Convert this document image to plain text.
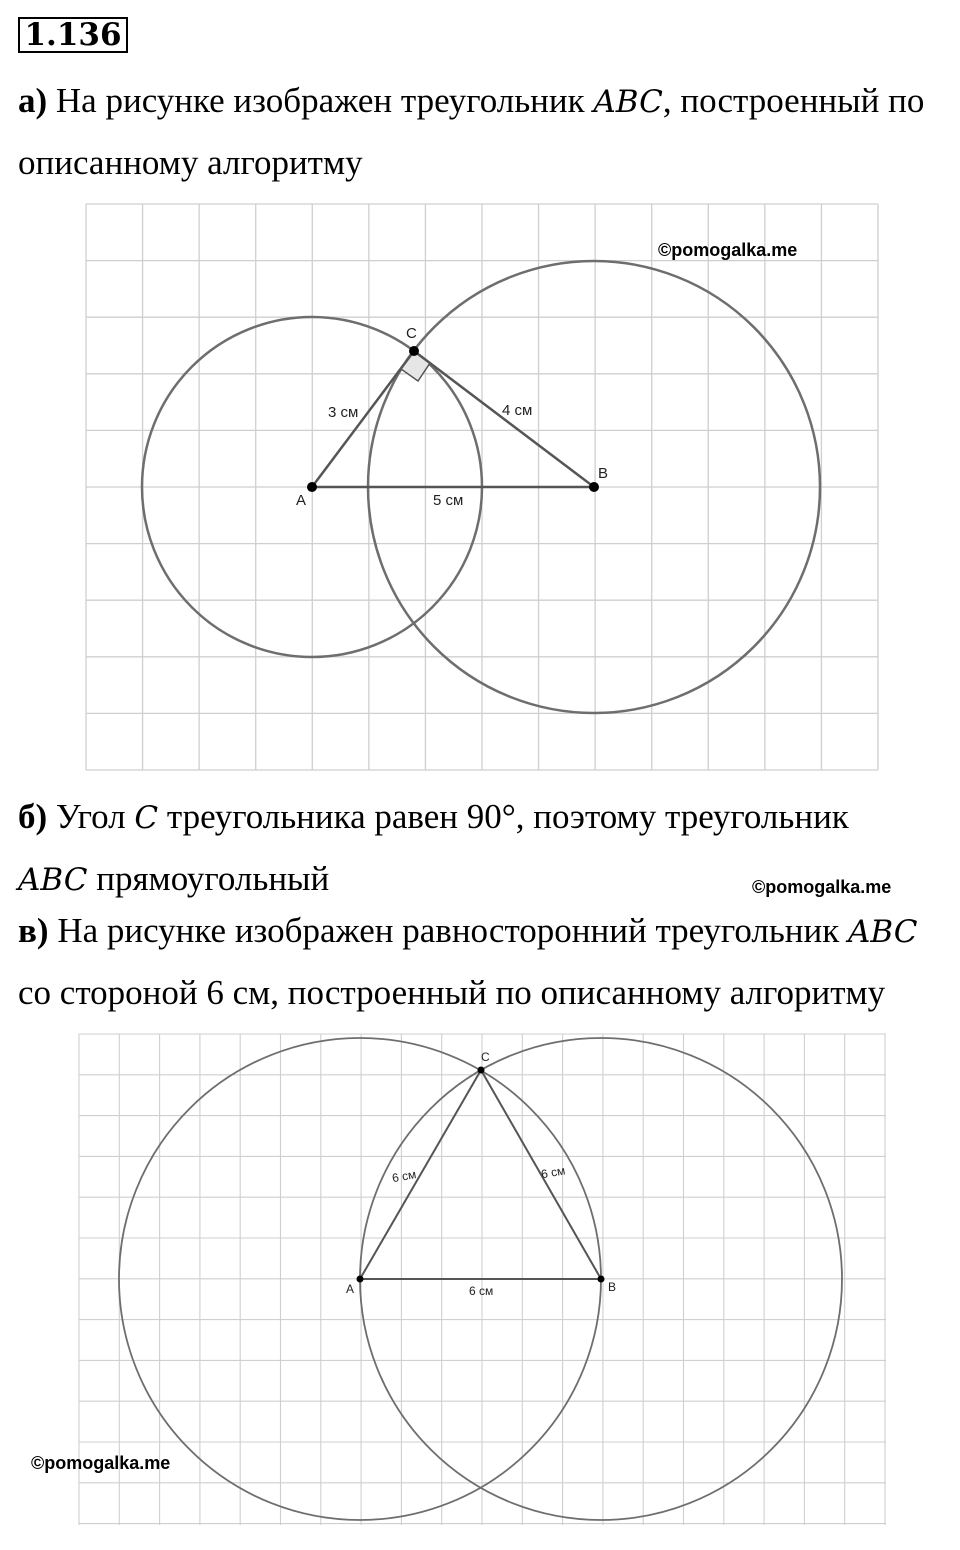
1.136
а) На рисунке изображен треугольник ABC, построенный по
описанному алгоритму
A
B
C
3 см	4 см
5 см
©pomogalka.me
б) Угол C треугольника равен 90°, поэтому треугольник
ABC прямоугольный	©pomogalka.me
в) На рисунке изображен равносторонний треугольник ABC
со стороной 6 см, построенный по описанному алгоритму
A	B
C
6 см	6 см
6 см
©pomogalka.me
